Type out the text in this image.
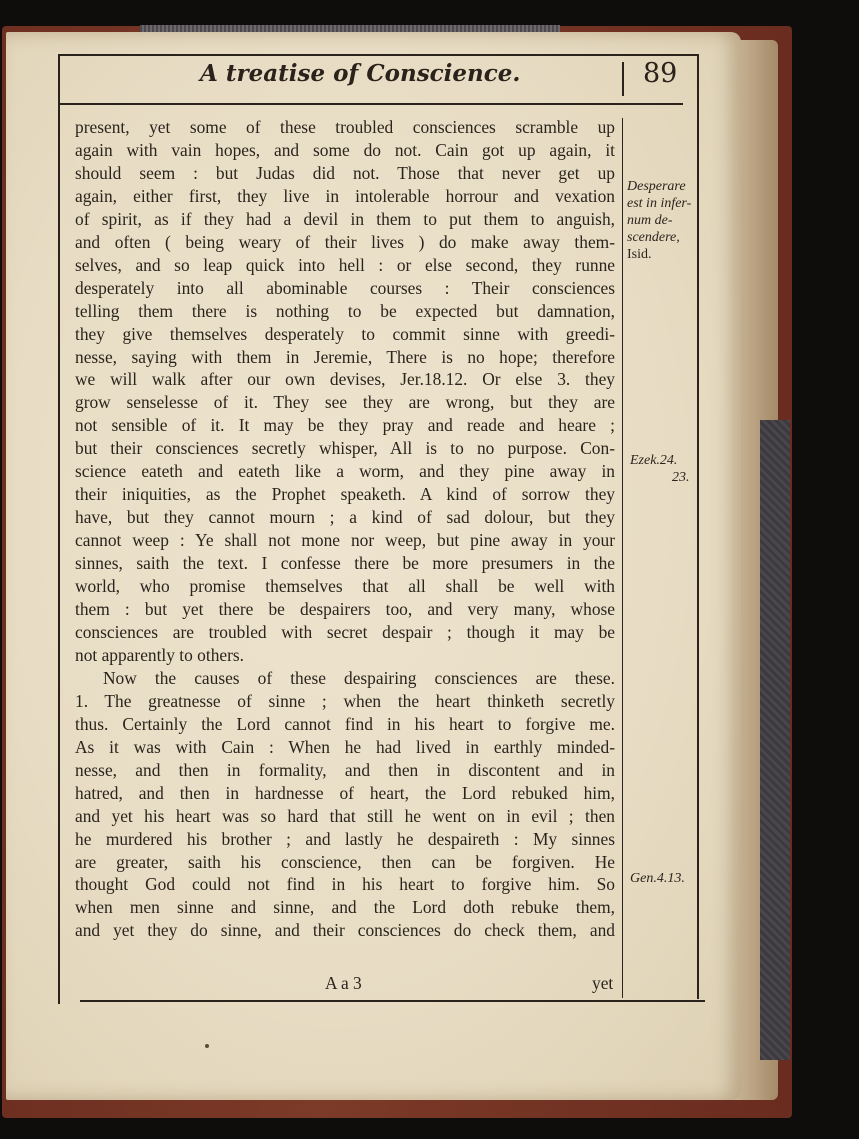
A treatise of Conscience.	89
present, yet some of these troubled consciences scramble up
again with vain hopes, and some do not. Cain got up again, it
should seem : but Judas did not. Those that never get up
again, either first, they live in intolerable horrour and vexation
of spirit, as if they had a devil in them to put them to anguish,
and often ( being weary of their lives ) do make away them-
selves, and so leap quick into hell : or else second, they runne
desperately into all abominable courses : Their consciences
telling them there is nothing to be expected but damnation,
they give themselves desperately to commit sinne with greedi-
nesse, saying with them in Jeremie, There is no hope; therefore
we will walk after our own devises, Jer.18.12. Or else 3. they
grow senselesse of it. They see they are wrong, but they are
not sensible of it. It may be they pray and reade and heare ;
but their consciences secretly whisper, All is to no purpose. Con-
science eateth and eateth like a worm, and they pine away in
their iniquities, as the Prophet speaketh. A kind of sorrow they
have, but they cannot mourn ; a kind of sad dolour, but they
cannot weep : Ye shall not mone nor weep, but pine away in your
sinnes, saith the text. I confesse there be more presumers in the
world, who promise themselves that all shall be well with
them : but yet there be despairers too, and very many, whose
consciences are troubled with secret despair ; though it may be
not apparently to others.
Now the causes of these despairing consciences are these.
1. The greatnesse of sinne ; when the heart thinketh secretly
thus. Certainly the Lord cannot find in his heart to forgive me.
As it was with Cain : When he had lived in earthly minded-
nesse, and then in formality, and then in discontent and in
hatred, and then in hardnesse of heart, the Lord rebuked him,
and yet his heart was so hard that still he went on in evil ; then
he murdered his brother ; and lastly he despaireth : My sinnes
are greater, saith his conscience, then can be forgiven. He
thought God could not find in his heart to forgive him. So
when men sinne and sinne, and the Lord doth rebuke them,
and yet they do sinne, and their consciences do check them, and
Desperare
est in infer-
num de-
scendere,
Isid.
Ezek.24.
23.
Gen.4.13.
A a 3	yet
